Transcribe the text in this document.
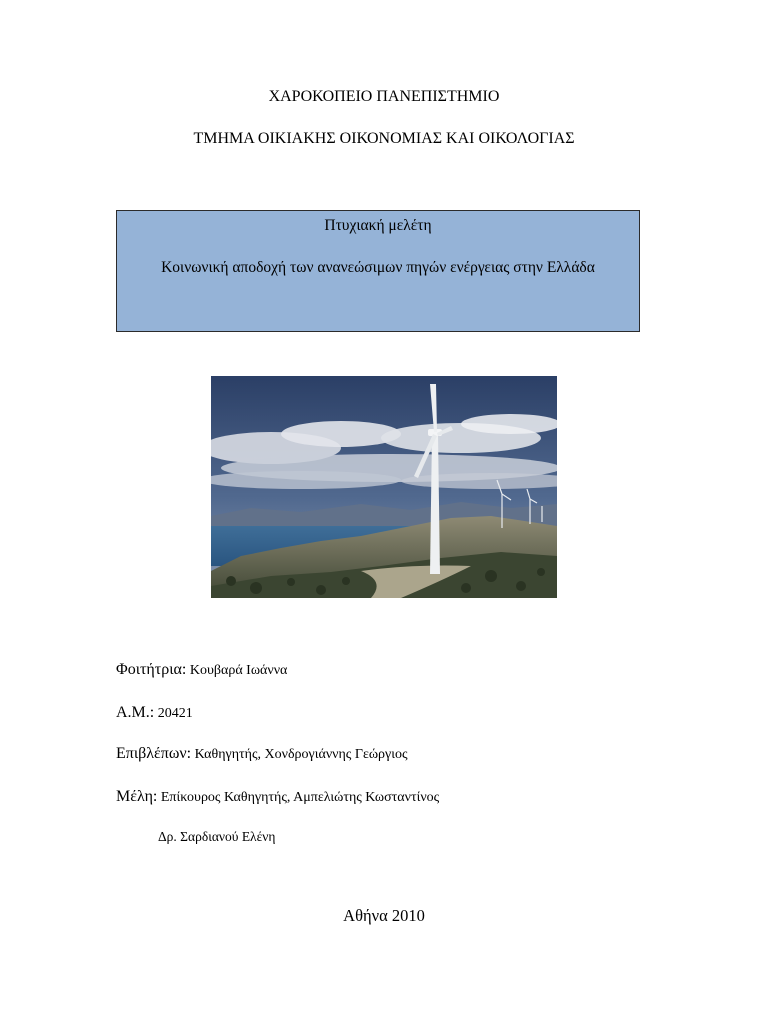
ΧΑΡΟΚΟΠΕΙΟ ΠΑΝΕΠΙΣΤΗΜΙΟ
ΤΜΗΜΑ ΟΙΚΙΑΚΗΣ ΟΙΚΟΝΟΜΙΑΣ ΚΑΙ ΟΙΚΟΛΟΓΙΑΣ
Πτυχιακή μελέτη
Κοινωνική αποδοχή των ανανεώσιμων πηγών ενέργειας στην Ελλάδα
Φοιτήτρια: Κουβαρά Ιωάννα
Α.Μ.: 20421
Επιβλέπων: Καθηγητής, Χονδρογιάννης Γεώργιος
Μέλη: Επίκουρος Καθηγητής, Αμπελιώτης Κωσταντίνος
Δρ. Σαρδιανού Ελένη
Αθήνα 2010
